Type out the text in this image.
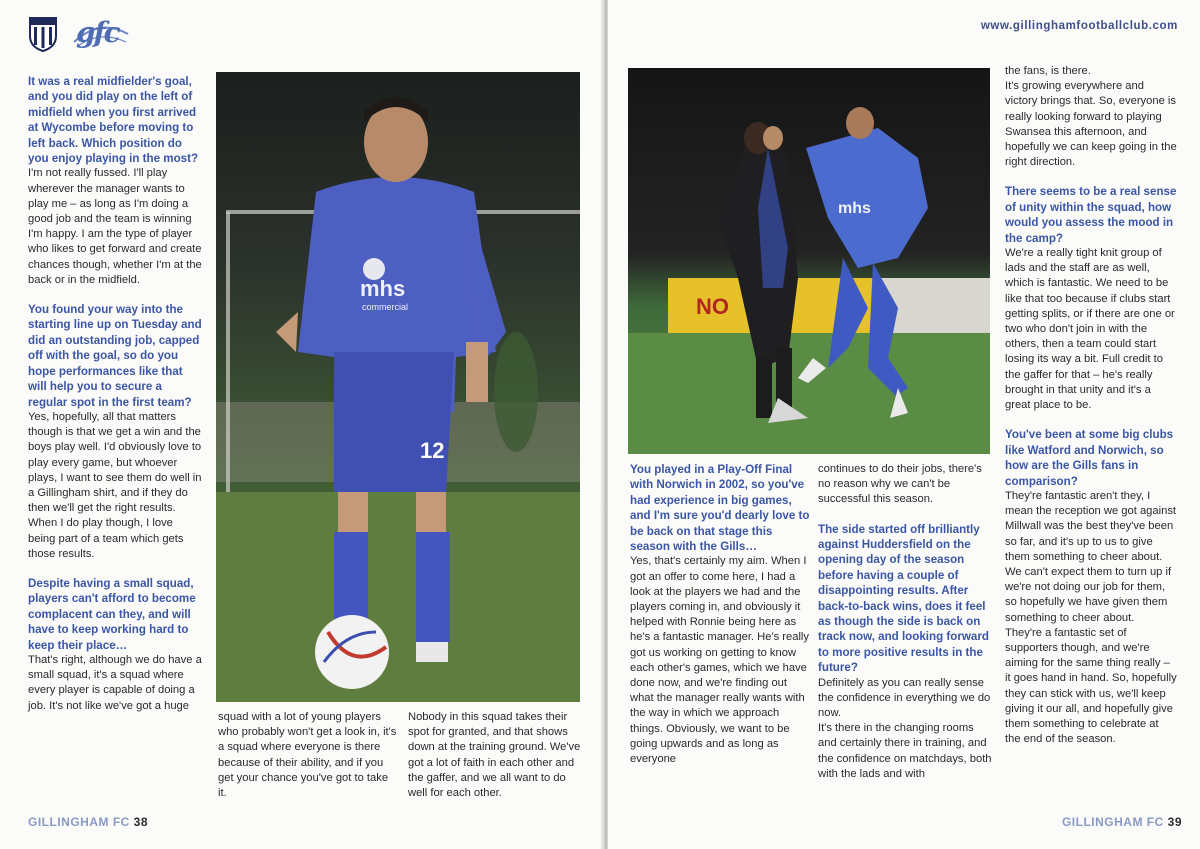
gfc

It was a real midfielder's goal, and you did play on the left of midfield when you first arrived at Wycombe before moving to left back. Which position do you enjoy playing in the most?

I'm not really fussed. I'll play wherever the manager wants to play me – as long as I'm doing a good job and the team is winning I'm happy. I am the type of player who likes to get forward and create chances though, whether I'm at the back or in the midfield.

You found your way into the starting line up on Tuesday and did an outstanding job, capped off with the goal, so do you hope performances like that will help you to secure a regular spot in the first team?

Yes, hopefully, all that matters though is that we get a win and the boys play well. I'd obviously love to play every game, but whoever plays, I want to see them do well in a Gillingham shirt, and if they do then we'll get the right results. When I do play though, I love being part of a team which gets those results.

Despite having a small squad, players can't afford to become complacent can they, and will have to keep working hard to keep their place…

That's right, although we do have a small squad, it's a squad where every player is capable of doing a job. It's not like we've got a huge

mhs
commercial
12

squad with a lot of young players who probably won't get a look in, it's a squad where everyone is there because of their ability, and if you get your chance you've got to take it.

Nobody in this squad takes their spot for granted, and that shows down at the training ground. We've got a lot of faith in each other and the gaffer, and we all want to do well for each other.

GILLINGHAM FC 38
www.gillinghamfootballclub.com
NO
mhs

You played in a Play-Off Final with Norwich in 2002, so you've had experience in big games, and I'm sure you'd dearly love to be back on that stage this season with the Gills…

Yes, that's certainly my aim. When I got an offer to come here, I had a look at the players we had and the players coming in, and obviously it helped with Ronnie being here as he's a fantastic manager. He's really got us working on getting to know each other's games, which we have done now, and we're finding out what the manager really wants with the way in which we approach things. Obviously, we want to be going upwards and as long as everyone

continues to do their jobs, there's no reason why we can't be successful this season.

The side started off brilliantly against Huddersfield on the opening day of the season before having a couple of disappointing results. After back-to-back wins, does it feel as though the side is back on track now, and looking forward to more positive results in the future?

Definitely as you can really sense the confidence in everything we do now.

It's there in the changing rooms and certainly there in training, and the confidence on matchdays, both with the lads and with

the fans, is there.

It's growing everywhere and victory brings that. So, everyone is really looking forward to playing Swansea this afternoon, and hopefully we can keep going in the right direction.

There seems to be a real sense of unity within the squad, how would you assess the mood in the camp?

We're a really tight knit group of lads and the staff are as well, which is fantastic. We need to be like that too because if clubs start getting splits, or if there are one or two who don't join in with the others, then a team could start losing its way a bit. Full credit to the gaffer for that – he's really brought in that unity and it's a great place to be.

You've been at some big clubs like Watford and Norwich, so how are the Gills fans in comparison?

They're fantastic aren't they, I mean the reception we got against Millwall was the best they've been so far, and it's up to us to give them something to cheer about. We can't expect them to turn up if we're not doing our job for them, so hopefully we have given them something to cheer about.

They're a fantastic set of supporters though, and we're aiming for the same thing really – it goes hand in hand. So, hopefully they can stick with us, we'll keep giving it our all, and hopefully give them something to celebrate at the end of the season.

GILLINGHAM FC 39
